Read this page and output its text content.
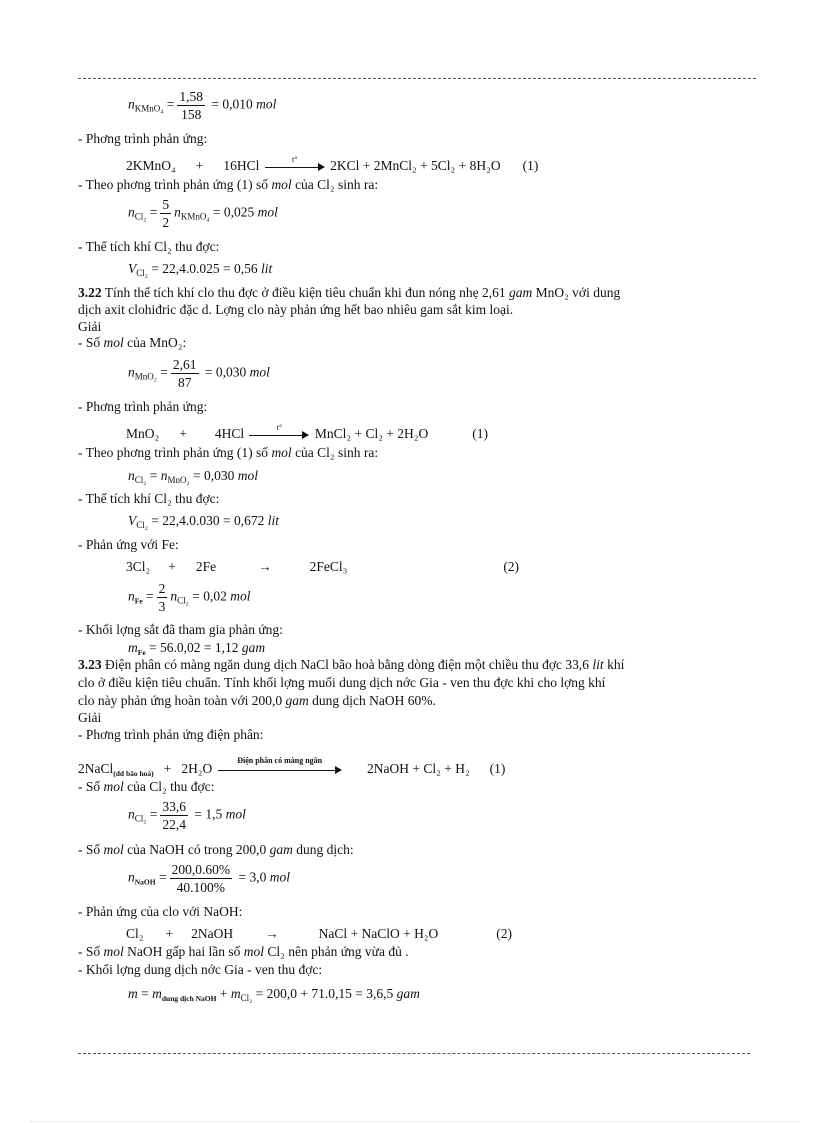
$n_{KMnO_4} = \frac{1,58}{158} = 0,010$ mol
- Phơng trình phản ứng:
2KMnO₄ + 16HCl	t°	2KCl + 2MnCl₂ + 5Cl₂ + 8H₂O (1)
- Theo phơng trình phản ứng (1) số mol của Cl₂ sinh ra:
$n_{Cl_2} = \frac{5}{2} n_{KMnO_4} = 0,025$ mol
- Thể tích khí Cl₂ thu đợc:
$V_{Cl_2} = 22,4.0.025 = 0,56$ lit
3.22 Tính thể tích khí clo thu đợc ở điều kiện tiêu chuẩn khi đun nóng nhẹ 2,61 gam MnO₂ với dung
dịch axit clohiđric đặc d. Lợng clo này phản ứng hết bao nhiêu gam sắt kim loại.
Giải
- Số mol của MnO₂:
$n_{MnO_2} = \frac{2,61}{87} = 0,030$ mol
- Phơng trình phản ứng:
MnO₂ + 4HCl	t°	MnCl₂ + Cl₂ + 2H₂O	(1)
- Theo phơng trình phản ứng (1) số mol của Cl₂ sinh ra:
$n_{Cl_2} = n_{MnO_2} = 0,030$ mol
- Thể tích khí Cl₂ thu đợc:
$V_{Cl_2} = 22,4.0.030 = 0,672$ lit
- Phản ứng với Fe:
3Cl₂ + 2Fe	→	2FeCl₃	(2)
$n_{Fe} = \frac{2}{3} n_{Cl_2} = 0,02$ mol
- Khối lợng sắt đã tham gia phản ứng:
$m_{Fe} = 56.0,02 = 1,12$ gam
3.23 Điện phân có màng ngăn dung dịch NaCl bão hoà bằng dòng điện một chiều thu đợc 33,6 lit khí
clo ở điều kiện tiêu chuẩn. Tính khối lợng muối dung dịch nớc Gia - ven thu đợc khi cho lợng khí
clo này phản ứng hoàn toàn với 200,0 gam dung dịch NaOH 60%.
Giải
- Phơng trình phản ứng điện phân:
2NaCl$_{(dd bão hoà)}$ + 2H₂O
Điện phân có màng ngăn
2NaOH + Cl₂ + H₂ (1)
- Số mol của Cl₂ thu đợc:
$n_{Cl_2} = \frac{33,6}{22,4} = 1,5$ mol
- Số mol của NaOH có trong 200,0 gam dung dịch:
$n_{NaOH} = \frac{200,0.60\%}{40.100\%} = 3,0$ mol
- Phản ứng của clo với NaOH:
Cl₂ + 2NaOH →	NaCl + NaClO + H₂O	(2)
- Số mol NaOH gấp hai lần số mol Cl₂ nên phản ứng vừa đủ .
- Khối lợng dung dịch nớc Gia - ven thu đợc:
$m = m_{dung dịch NaOH} + m_{Cl_2} = 200,0 + 71.0,15 = 3,6,5$ gam
